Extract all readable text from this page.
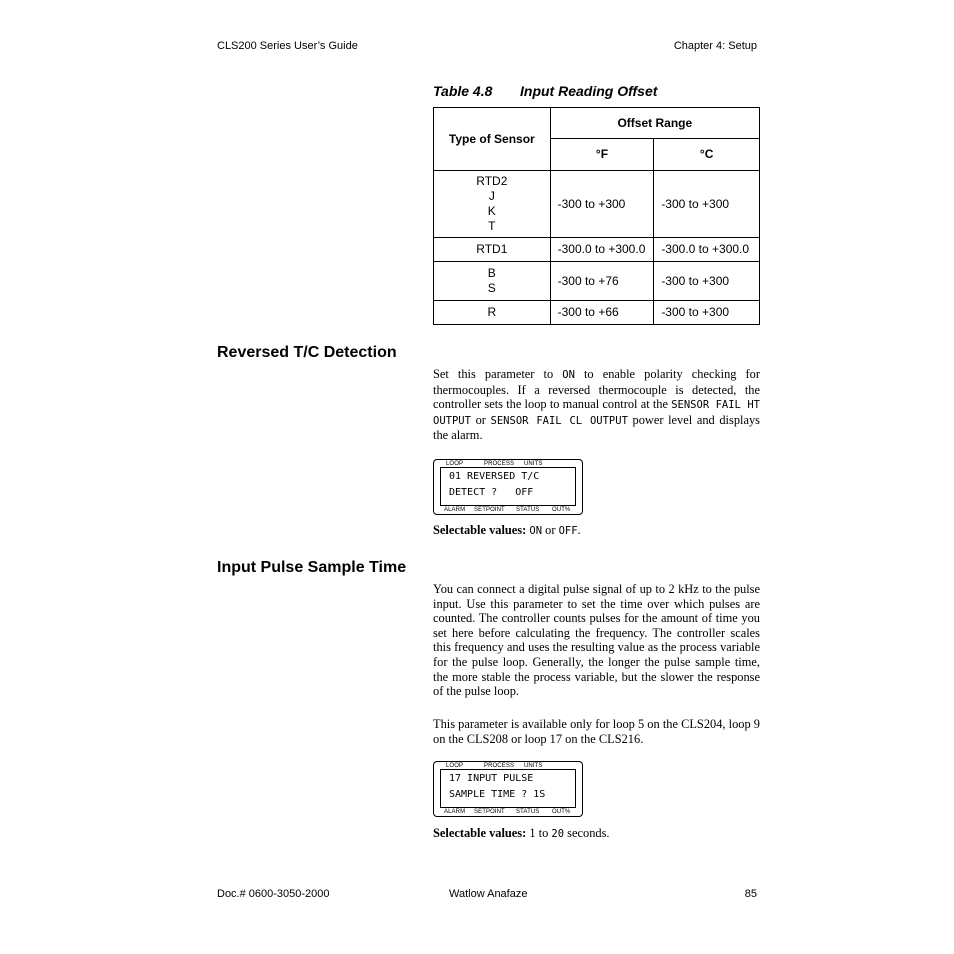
CLS200 Series User’s Guide	Chapter 4: Setup
Table 4.8 Input Reading Offset
Type of Sensor	Offset Range	
	°F	°C

RTD2
J
K
T	-300 to +300	-300 to +300

RTD1	-300.0 to +300.0	-300.0 to +300.0

B
S	-300 to +76	-300 to +300

R	-300 to +66	-300 to +300
Reversed T/C Detection
Set this parameter to ON to enable polarity checking for thermocouples. If a reversed thermocouple is detected, the controller sets the loop to manual control at the SENSOR FAIL HT OUTPUT or SENSOR FAIL CL OUTPUT power level and displays the alarm.
LOOP	PROCESS UNITS
01 REVERSED T/C
DETECT ?   OFF
ALARM SETPOINT STATUS OUT%
Selectable values: ON or OFF.
Input Pulse Sample Time
You can connect a digital pulse signal of up to 2 kHz to the pulse input. Use this parameter to set the time over which pulses are counted. The controller counts pulses for the amount of time you set here before calculating the frequency. The controller scales this frequency and uses the resulting value as the process variable for the pulse loop. Generally, the longer the pulse sample time, the more stable the process variable, but the slower the response of the pulse loop.
This parameter is available only for loop 5 on the CLS204, loop 9 on the CLS208 or loop 17 on the CLS216.
LOOP	PROCESS UNITS
17 INPUT PULSE
SAMPLE TIME ? 1S
ALARM SETPOINT STATUS OUT%
Selectable values: 1 to 20 seconds.
Doc.# 0600-3050-2000	Watlow Anafaze	85
